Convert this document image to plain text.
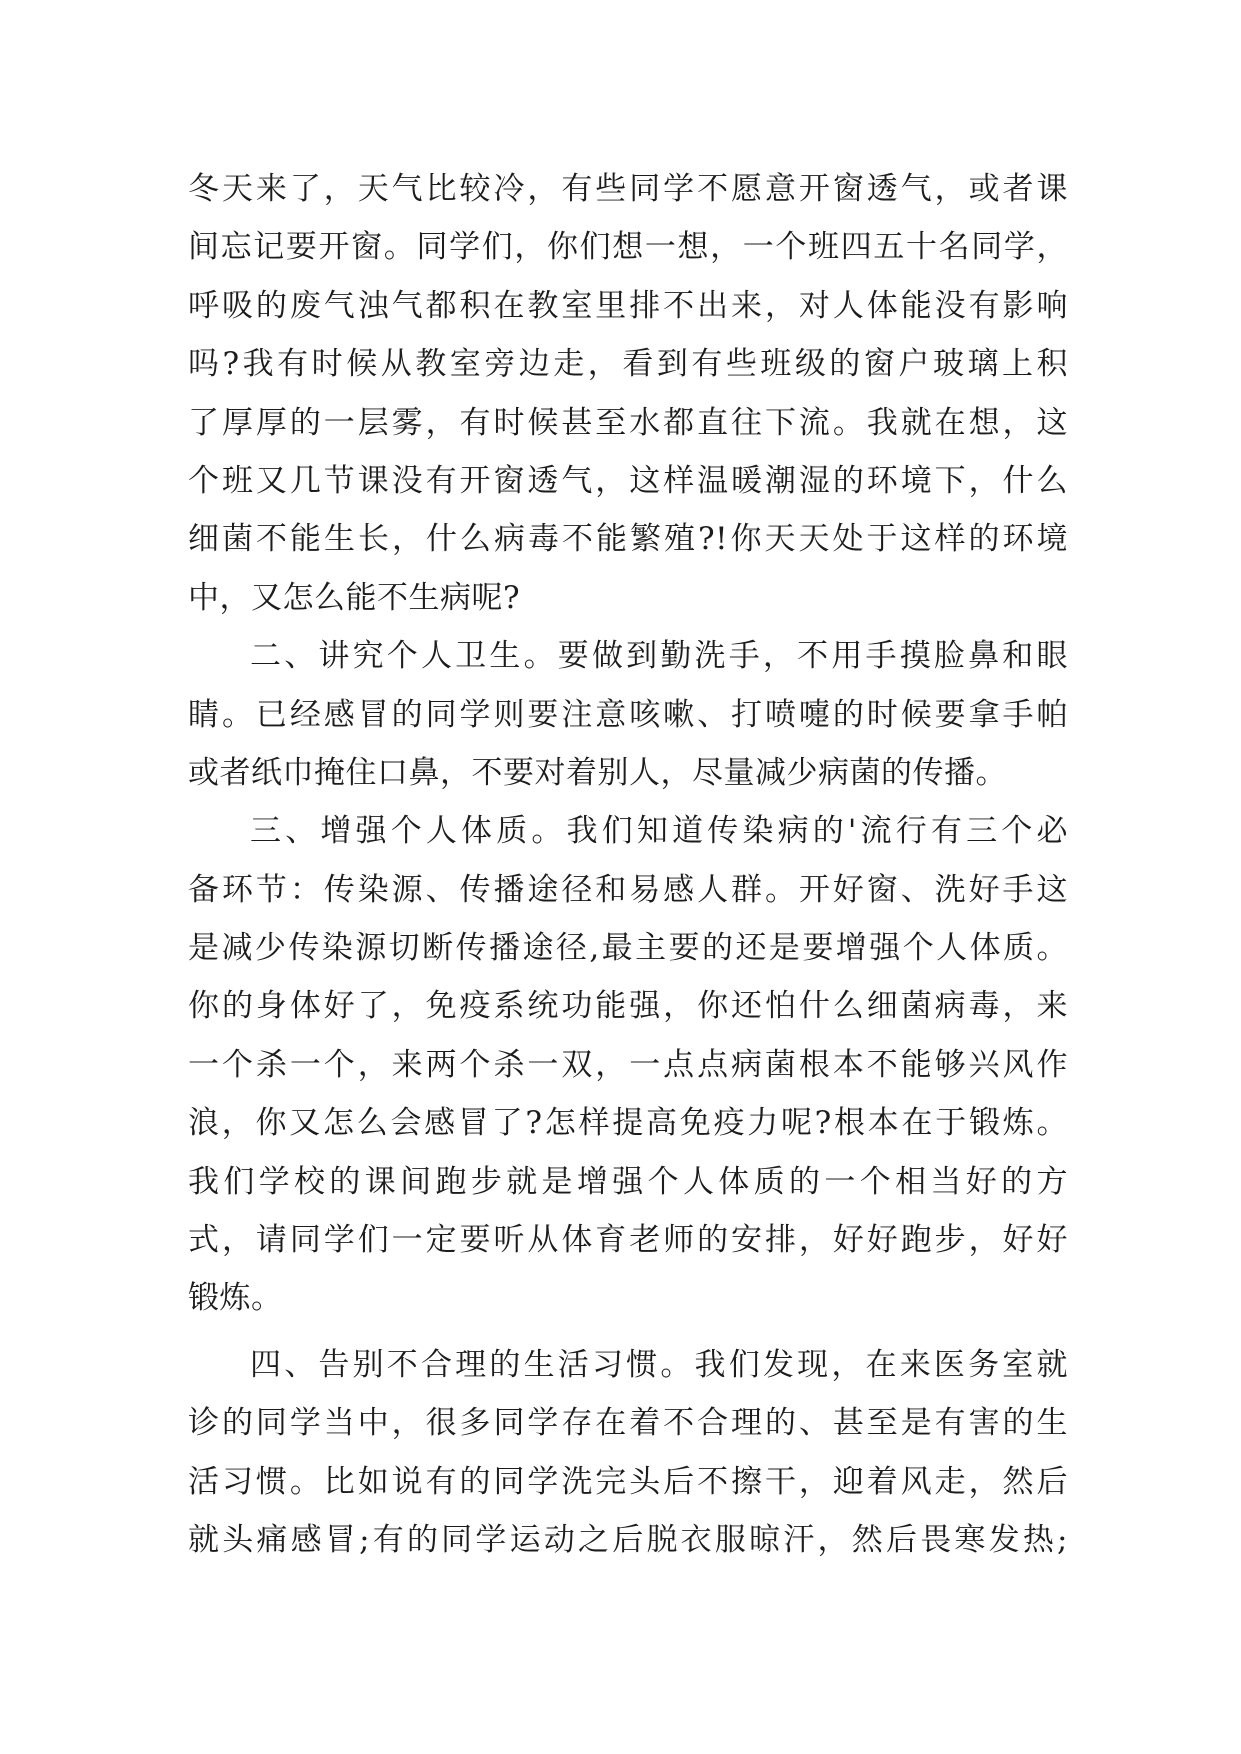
冬天来了，天气比较冷，有些同学不愿意开窗透气，或者课
间忘记要开窗。同学们，你们想一想，一个班四五十名同学，
呼吸的废气浊气都积在教室里排不出来，对人体能没有影响
吗?我有时候从教室旁边走，看到有些班级的窗户玻璃上积
了厚厚的一层雾，有时候甚至水都直往下流。我就在想，这
个班又几节课没有开窗透气，这样温暖潮湿的环境下，什么
细菌不能生长，什么病毒不能繁殖?!你天天处于这样的环境
中，又怎么能不生病呢?
二、讲究个人卫生。要做到勤洗手，不用手摸脸鼻和眼
睛。已经感冒的同学则要注意咳嗽、打喷嚏的时候要拿手帕
或者纸巾掩住口鼻，不要对着别人，尽量减少病菌的传播。
三、增强个人体质。我们知道传染病的'流行有三个必
备环节：传染源、传播途径和易感人群。开好窗、洗好手这
是减少传染源切断传播途径,最主要的还是要增强个人体质。
你的身体好了，免疫系统功能强，你还怕什么细菌病毒，来
一个杀一个，来两个杀一双，一点点病菌根本不能够兴风作
浪，你又怎么会感冒了?怎样提高免疫力呢?根本在于锻炼。
我们学校的课间跑步就是增强个人体质的一个相当好的方
式，请同学们一定要听从体育老师的安排，好好跑步，好好
锻炼。
四、告别不合理的生活习惯。我们发现，在来医务室就
诊的同学当中，很多同学存在着不合理的、甚至是有害的生
活习惯。比如说有的同学洗完头后不擦干，迎着风走，然后
就头痛感冒;有的同学运动之后脱衣服晾汗，然后畏寒发热;
